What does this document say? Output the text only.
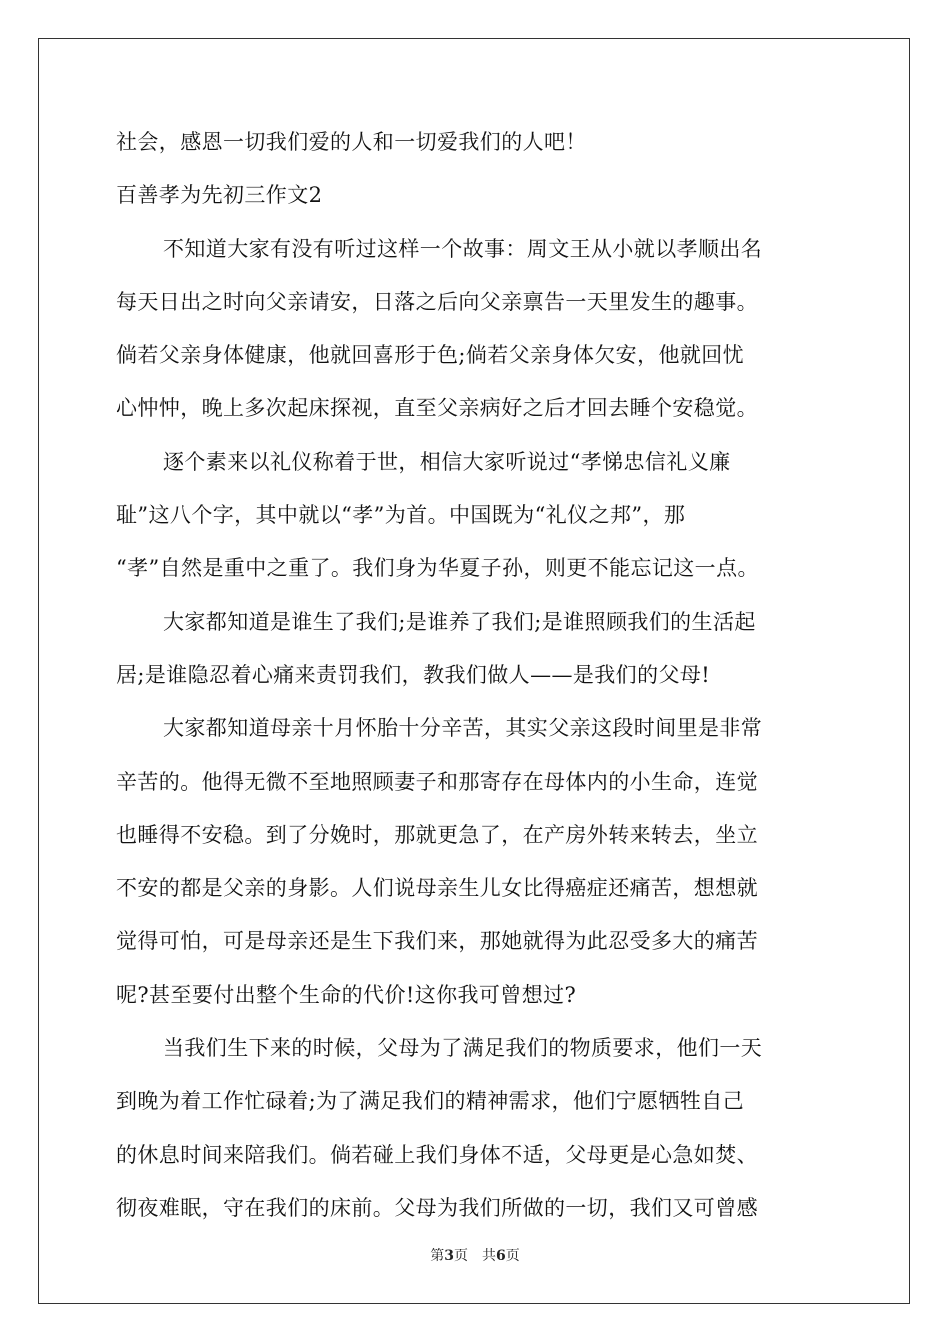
社会，感恩一切我们爱的人和一切爱我们的人吧！
百善孝为先初三作文2
不知道大家有没有听过这样一个故事：周文王从小就以孝顺出名
每天日出之时向父亲请安，日落之后向父亲禀告一天里发生的趣事。
倘若父亲身体健康，他就回喜形于色;倘若父亲身体欠安，他就回忧
心忡忡，晚上多次起床探视，直至父亲病好之后才回去睡个安稳觉。
逐个素来以礼仪称着于世，相信大家听说过“孝悌忠信礼义廉
耻”这八个字，其中就以“孝”为首。中国既为“礼仪之邦”，那
“孝”自然是重中之重了。我们身为华夏子孙，则更不能忘记这一点。
大家都知道是谁生了我们;是谁养了我们;是谁照顾我们的生活起
居;是谁隐忍着心痛来责罚我们，教我们做人——是我们的父母!
大家都知道母亲十月怀胎十分辛苦，其实父亲这段时间里是非常
辛苦的。他得无微不至地照顾妻子和那寄存在母体内的小生命，连觉
也睡得不安稳。到了分娩时，那就更急了，在产房外转来转去，坐立
不安的都是父亲的身影。人们说母亲生儿女比得癌症还痛苦，想想就
觉得可怕，可是母亲还是生下我们来，那她就得为此忍受多大的痛苦
呢?甚至要付出整个生命的代价!这你我可曾想过?
当我们生下来的时候，父母为了满足我们的物质要求，他们一天
到晚为着工作忙碌着;为了满足我们的精神需求，他们宁愿牺牲自己
的休息时间来陪我们。倘若碰上我们身体不适，父母更是心急如焚、
彻夜难眠，守在我们的床前。父母为我们所做的一切，我们又可曾感
第3页 共6页
